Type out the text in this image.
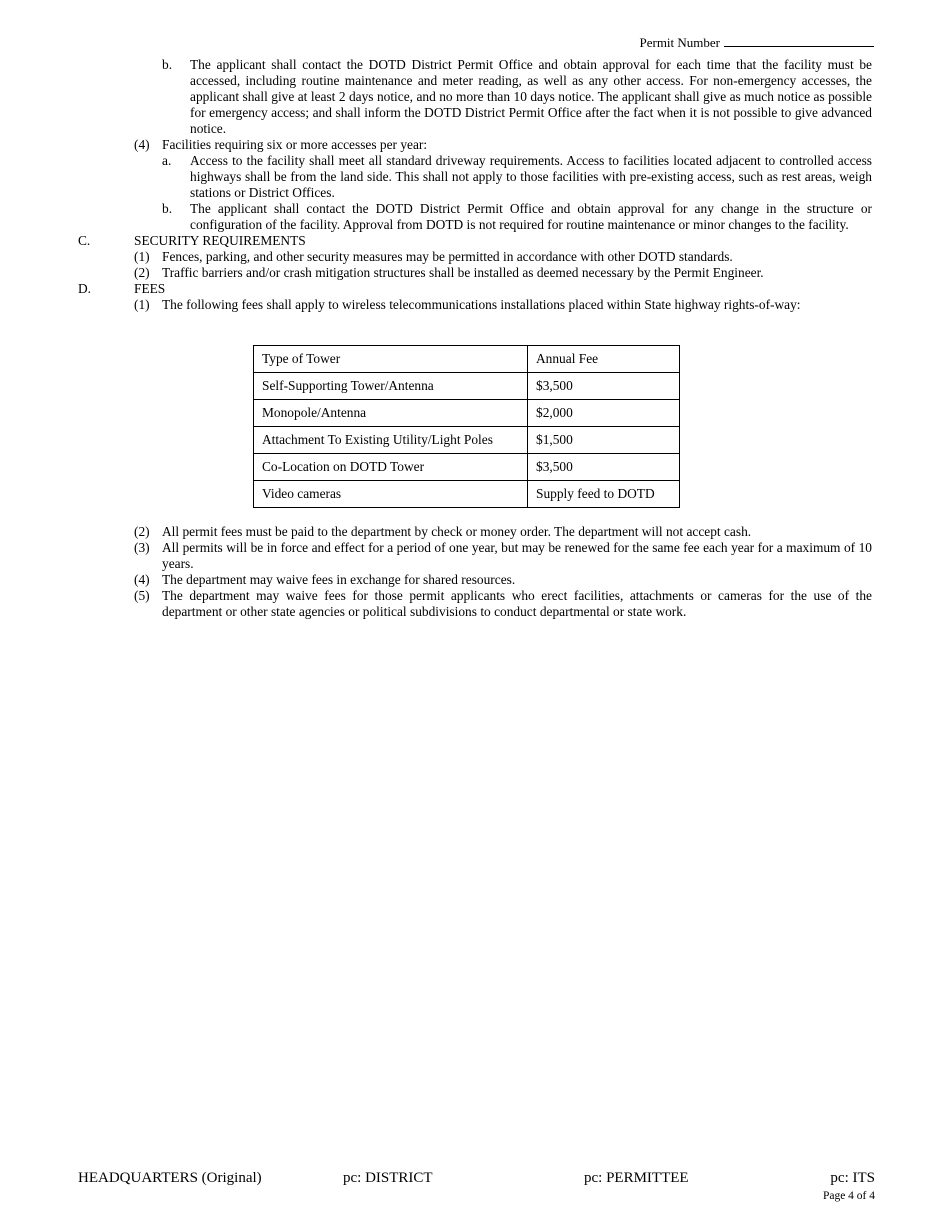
Permit Number
b. The applicant shall contact the DOTD District Permit Office and obtain approval for each time that the facility must be accessed, including routine maintenance and meter reading, as well as any other access. For non-emergency accesses, the applicant shall give at least 2 days notice, and no more than 10 days notice. The applicant shall give as much notice as possible for emergency access; and shall inform the DOTD District Permit Office after the fact when it is not possible to give advanced notice.
(4) Facilities requiring six or more accesses per year:
a. Access to the facility shall meet all standard driveway requirements. Access to facilities located adjacent to controlled access highways shall be from the land side. This shall not apply to those facilities with pre-existing access, such as rest areas, weigh stations or District Offices.
b. The applicant shall contact the DOTD District Permit Office and obtain approval for any change in the structure or configuration of the facility. Approval from DOTD is not required for routine maintenance or minor changes to the facility.
C.	SECURITY REQUIREMENTS
(1) Fences, parking, and other security measures may be permitted in accordance with other DOTD standards.
(2) Traffic barriers and/or crash mitigation structures shall be installed as deemed necessary by the Permit Engineer.
D.	FEES
(1) The following fees shall apply to wireless telecommunications installations placed within State highway rights-of-way:
Type of Tower	Annual Fee
Self-Supporting Tower/Antenna	$3,500
Monopole/Antenna	$2,000
Attachment To Existing Utility/Light Poles	$1,500
Co-Location on DOTD Tower	$3,500
Video cameras	Supply feed to DOTD
(2) All permit fees must be paid to the department by check or money order. The department will not accept cash.
(3) All permits will be in force and effect for a period of one year, but may be renewed for the same fee each year for a maximum of 10 years.
(4) The department may waive fees in exchange for shared resources.
(5) The department may waive fees for those permit applicants who erect facilities, attachments or cameras for the use of the department or other state agencies or political subdivisions to conduct departmental or state work.
HEADQUARTERS (Original)	pc: DISTRICT	pc: PERMITTEE	pc: ITS
Page 4 of 4
